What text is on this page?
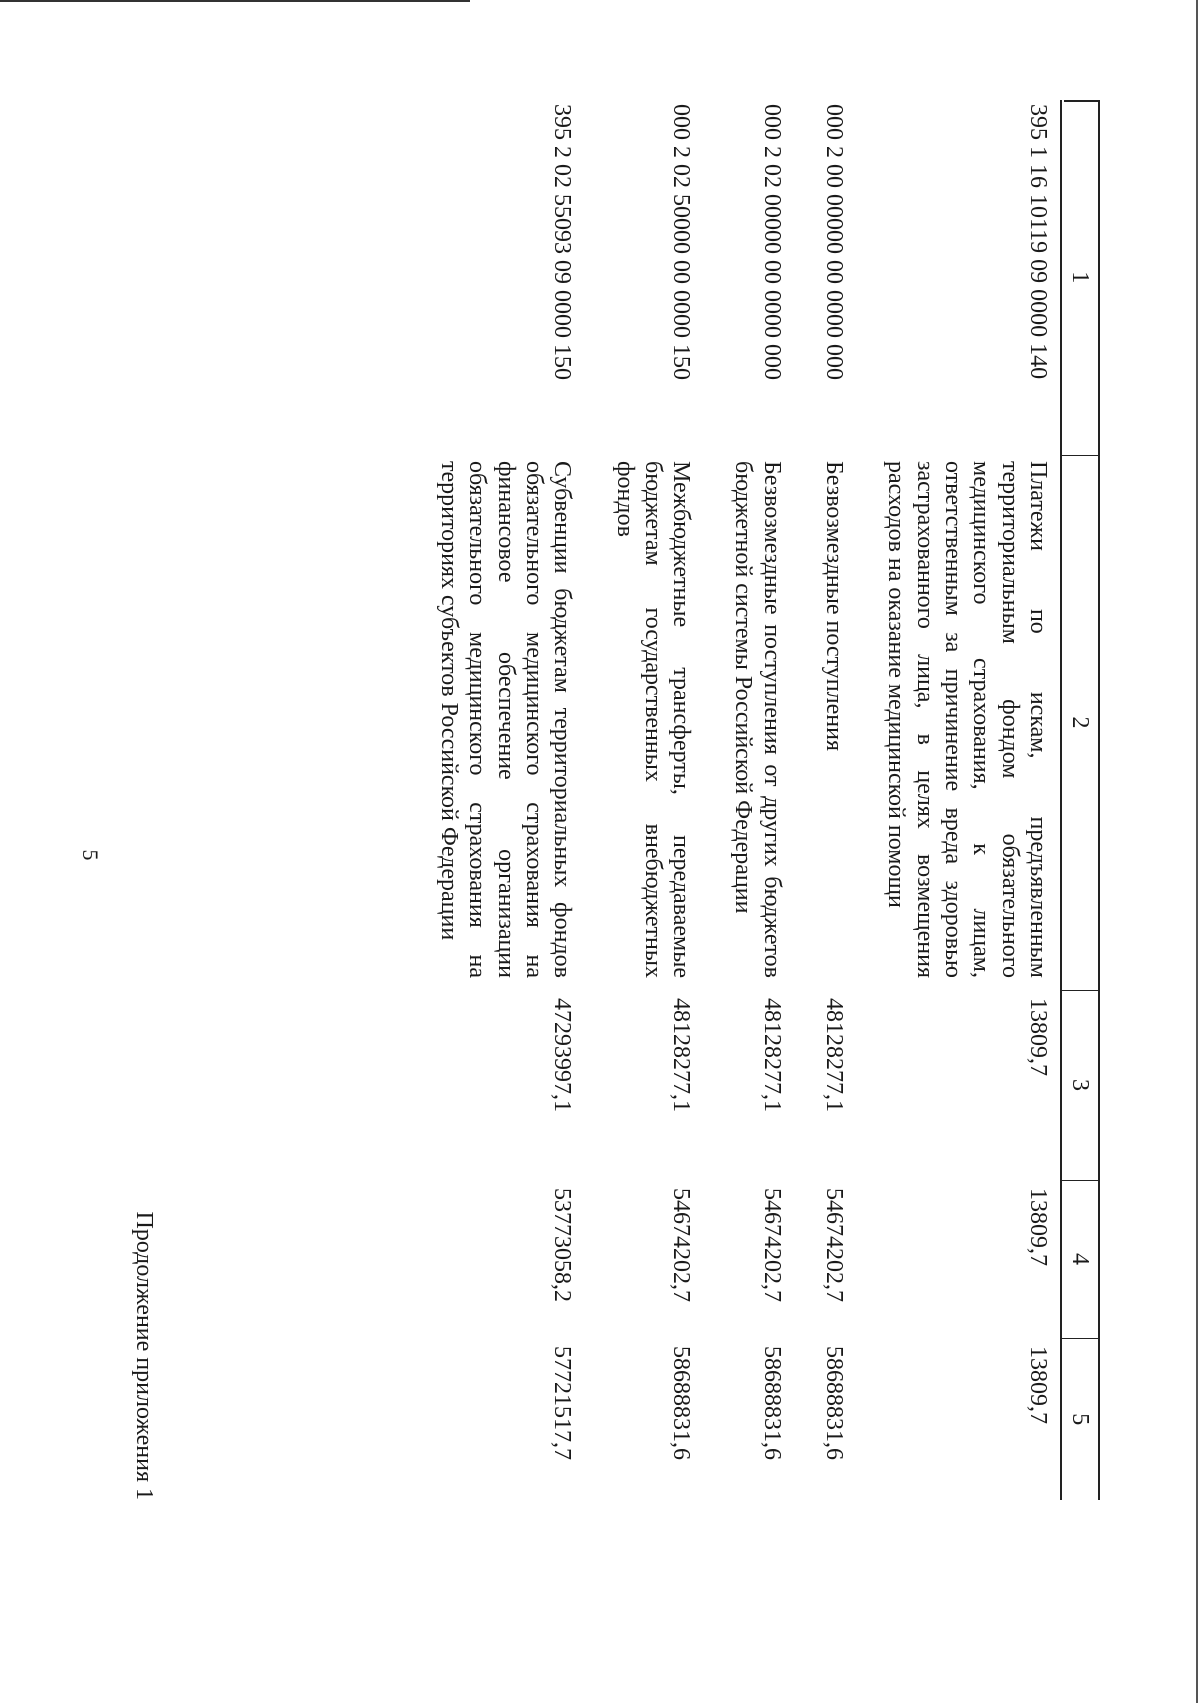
5
1	2	3	4	5
395 1 16 10119 09 0000 140	Платежи по искам, предъявленным территориальным фондом обязательного медицинского страхования, к лицам, ответственным за причинение вреда здоровью застрахованного лица, в целях возмещения расходов на оказание медицинской помощи	13809,7	13809,7	13809,7
000 2 00 00000 00 0000 000	Безвозмездные поступления	48128277,1	54674202,7	58688831,6
000 2 02 00000 00 0000 000	Безвозмездные поступления от других бюджетов бюджетной системы Российской Федерации	48128277,1	54674202,7	58688831,6
000 2 02 50000 00 0000 150	Межбюджетные трансферты, передаваемые бюджетам государственных внебюджетных фондов	48128277,1	54674202,7	58688831,6
395 2 02 55093 09 0000 150	Субвенции бюджетам территориальных фондов обязательного медицинского страхования на финансовое обеспечение организации обязательного медицинского страхования на территориях субъектов Российской Федерации	47293997,1	53773058,2	57721517,7
Продолжение приложения 1
